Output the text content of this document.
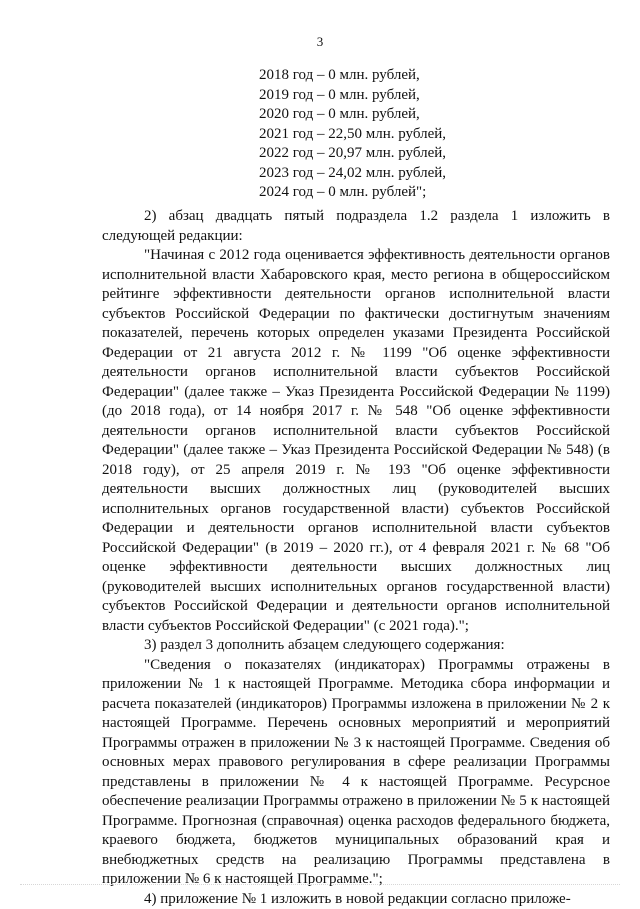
3
2018 год – 0 млн. рублей,
2019 год – 0 млн. рублей,
2020 год – 0 млн. рублей,
2021 год – 22,50 млн. рублей,
2022 год – 20,97 млн. рублей,
2023 год – 24,02 млн. рублей,
2024 год – 0 млн. рублей";

2) абзац двадцать пятый подраздела 1.2 раздела 1 изложить в следующей редакции:

"Начиная с 2012 года оценивается эффективность деятельности органов исполнительной власти Хабаровского края, место региона в общероссийском рейтинге эффективности деятельности органов исполнительной власти субъектов Российской Федерации по фактически достигнутым значениям показателей, перечень которых определен указами Президента Российской Федерации от 21 августа 2012 г. № 1199 "Об оценке эффективности деятельности органов исполнительной власти субъектов Российской Федерации" (далее также – Указ Президента Российской Федерации № 1199) (до 2018 года), от 14 ноября 2017 г. № 548 "Об оценке эффективности деятельности органов исполнительной власти субъектов Российской Федерации" (далее также – Указ Президента Российской Федерации № 548) (в 2018 году), от 25 апреля 2019 г. № 193 "Об оценке эффективности деятельности высших должностных лиц (руководителей высших исполнительных органов государственной власти) субъектов Российской Федерации и деятельности органов исполнительной власти субъектов Российской Федерации" (в 2019 – 2020 гг.), от 4 февраля 2021 г. № 68 "Об оценке эффективности деятельности высших должностных лиц (руководителей высших исполнительных органов государственной власти) субъектов Российской Федерации и деятельности органов исполнительной власти субъектов Российской Федерации" (с 2021 года).";

3) раздел 3 дополнить абзацем следующего содержания:

"Сведения о показателях (индикаторах) Программы отражены в приложении № 1 к настоящей Программе. Методика сбора информации и расчета показателей (индикаторов) Программы изложена в приложении № 2 к настоящей Программе. Перечень основных мероприятий и мероприятий Программы отражен в приложении № 3 к настоящей Программе. Сведения об основных мерах правового регулирования в сфере реализации Программы представлены в приложении № 4 к настоящей Программе. Ресурсное обеспечение реализации Программы отражено в приложении № 5 к настоящей Программе. Прогнозная (справочная) оценка расходов федерального бюджета, краевого бюджета, бюджетов муниципальных образований края и внебюджетных средств на реализацию Программы представлена в приложении № 6 к настоящей Программе.";

4) приложение № 1 изложить в новой редакции согласно приложе-
